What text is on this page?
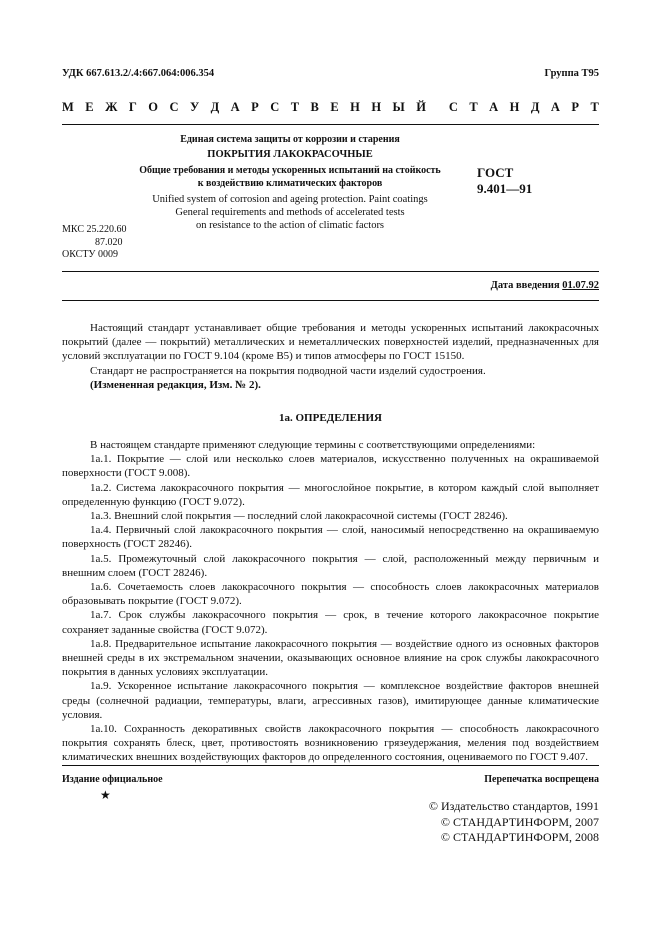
УДК 667.613.2/.4:667.064:006.354	Группа Т95
М Е Ж Г О С У Д А Р С Т В Е Н Н Ы Й С Т А Н Д А Р Т
Единая система защиты от коррозии и старения
ПОКРЫТИЯ ЛАКОКРАСОЧНЫЕ
Общие требования и методы ускоренных испытаний на стойкость
к воздействию климатических факторов
Unified system of corrosion and ageing protection. Paint coatings
General requirements and methods of accelerated tests
on resistance to the action of climatic factors
ГОСТ
9.401—91
МКС 25.220.60
87.020
ОКСТУ 0009
Дата введения 01.07.92

Настоящий стандарт устанавливает общие требования и методы ускоренных испытаний лакокрасочных покрытий (далее — покрытий) металлических и неметаллических поверхностей изделий, предназначенных для условий эксплуатации по ГОСТ 9.104 (кроме В5) и типов атмосферы по ГОСТ 15150.

Стандарт не распространяется на покрытия подводной части изделий судостроения.

(Измененная редакция, Изм. № 2).

1а. ОПРЕДЕЛЕНИЯ

В настоящем стандарте применяют следующие термины с соответствующими определениями:

1а.1. Покрытие — слой или несколько слоев материалов, искусственно полученных на окрашиваемой поверхности (ГОСТ 9.008).

1а.2. Система лакокрасочного покрытия — многослойное покрытие, в котором каждый слой выполняет определенную функцию (ГОСТ 9.072).

1а.3. Внешний слой покрытия — последний слой лакокрасочной системы (ГОСТ 28246).

1а.4. Первичный слой лакокрасочного покрытия — слой, наносимый непосредственно на окрашиваемую поверхность (ГОСТ 28246).

1а.5. Промежуточный слой лакокрасочного покрытия — слой, расположенный между первичным и внешним слоем (ГОСТ 28246).

1а.6. Сочетаемость слоев лакокрасочного покрытия — способность слоев лакокрасочных материалов образовывать покрытие (ГОСТ 9.072).

1а.7. Срок службы лакокрасочного покрытия — срок, в течение которого лакокрасочное покрытие сохраняет заданные свойства (ГОСТ 9.072).

1а.8. Предварительное испытание лакокрасочного покрытия — воздействие одного из основных факторов внешней среды в их экстремальном значении, оказывающих основное влияние на срок службы лакокрасочного покрытия в данных условиях эксплуатации.

1а.9. Ускоренное испытание лакокрасочного покрытия — комплексное воздействие факторов внешней среды (солнечной радиации, температуры, влаги, агрессивных газов), имитирующее данные климатические условия.

1а.10. Сохранность декоративных свойств лакокрасочного покрытия — способность лакокрасочного покрытия сохранять блеск, цвет, противостоять возникновению грязеудержания, меления под воздействием климатических внешних воздействующих факторов до определенного состояния, оцениваемого по ГОСТ 9.407.

Издание официальное	Перепечатка воспрещена
★
© Издательство стандартов, 1991
© СТАНДАРТИНФОРМ, 2007
© СТАНДАРТИНФОРМ, 2008
